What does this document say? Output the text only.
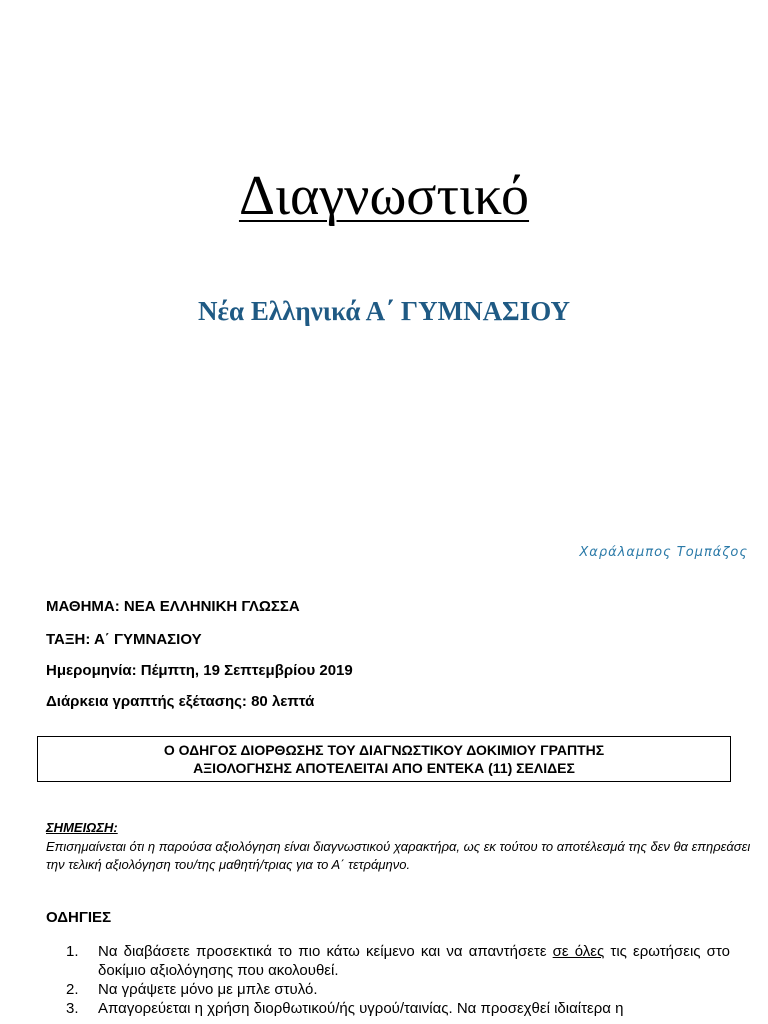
Διαγνωστικό
Νέα Ελληνικά Α΄ ΓΥΜΝΑΣΙΟΥ
Χαράλαμπος Τομπάζος
ΜΑΘΗΜΑ: ΝΕΑ ΕΛΛΗΝΙΚΗ ΓΛΩΣΣΑ
ΤΑΞΗ: Α΄ ΓΥΜΝΑΣΙΟΥ
Ημερομηνία: Πέμπτη, 19 Σεπτεμβρίου 2019
Διάρκεια γραπτής εξέτασης: 80 λεπτά
Ο ΟΔΗΓΟΣ ΔΙΟΡΘΩΣΗΣ ΤΟΥ ΔΙΑΓΝΩΣΤΙΚΟΥ ΔΟΚΙΜΙΟΥ ΓΡΑΠΤΗΣ
ΑΞΙΟΛΟΓΗΣΗΣ ΑΠΟΤΕΛΕΙΤΑΙ ΑΠΟ ΕΝΤΕΚΑ (11) ΣΕΛΙΔΕΣ
ΣΗΜΕΙΩΣΗ:
Επισημαίνεται ότι η παρούσα αξιολόγηση είναι διαγνωστικού χαρακτήρα, ως εκ τούτου το αποτέλεσμά της δεν θα επηρεάσει την τελική αξιολόγηση του/της μαθητή/τριας για το Α΄ τετράμηνο.
ΟΔΗΓΙΕΣ
1. Να διαβάσετε προσεκτικά το πιο κάτω κείμενο και να απαντήσετε σε όλες τις ερωτήσεις στο δοκίμιο αξιολόγησης που ακολουθεί.
2. Να γράψετε μόνο με μπλε στυλό.
3. Απαγορεύεται η χρήση διορθωτικού/ής υγρού/ταινίας. Να προσεχθεί ιδιαίτερα η
